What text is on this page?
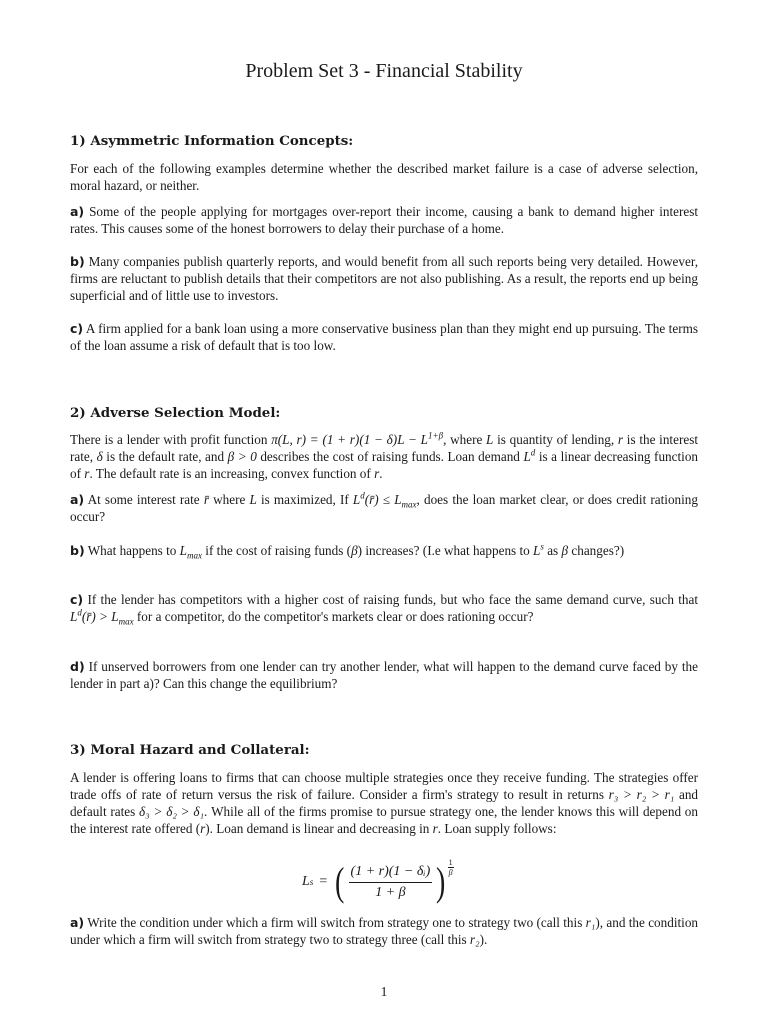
Problem Set 3 - Financial Stability
1) Asymmetric Information Concepts:
For each of the following examples determine whether the described market failure is a case of adverse selection, moral hazard, or neither.
a) Some of the people applying for mortgages over-report their income, causing a bank to demand higher interest rates. This causes some of the honest borrowers to delay their purchase of a home.
b) Many companies publish quarterly reports, and would benefit from all such reports being very detailed. However, firms are reluctant to publish details that their competitors are not also publishing. As a result, the reports end up being superficial and of little use to investors.
c) A firm applied for a bank loan using a more conservative business plan than they might end up pursuing. The terms of the loan assume a risk of default that is too low.
2) Adverse Selection Model:
There is a lender with profit function π(L, $r) = (1 + r)(1 - \delta)L - L^{1+\beta}$, where L is quantity of lending, r is the interest rate, δ is the default rate, and β > 0 describes the cost of raising funds. Loan demand $L^d$ is a linear decreasing function of r. The default rate is an increasing, convex function of r.
a) At some interest rate r̄ where L is maximized, If $L^d(r̄) \le L_{max}$, does the loan market clear, or does credit rationing occur?
b) What happens to $L_{max}$ if the cost of raising funds (β) increases? (I.e what happens to $L^s$ as β changes?)
c) If the lender has competitors with a higher cost of raising funds, but who face the same demand curve, such that $L^d(r̄) > L_{max}$ for a competitor, do the competitor's markets clear or does rationing occur?
d) If unserved borrowers from one lender can try another lender, what will happen to the demand curve faced by the lender in part a)? Can this change the equilibrium?
3) Moral Hazard and Collateral:
A lender is offering loans to firms that can choose multiple strategies once they receive funding. The strategies offer trade offs of rate of return versus the risk of failure. Consider a firm's strategy to result in returns r₃ > r₂ > r₁ and default rates δ₃ > δ₂ > δ₁. While all of the firms promise to pursue strategy one, the lender knows this will depend on the interest rate offered (r). Loan demand is linear and decreasing in r. Loan supply follows:
L s = ( $\frac{\text{(1 + r)(1 − δᵢ)}}{1 + \beta}$ ) $\frac{1}{\beta}$
a) Write the condition under which a firm will switch from strategy one to strategy two (call this r₁), and the condition under which a firm will switch from strategy two to strategy three (call this r₂).
1
